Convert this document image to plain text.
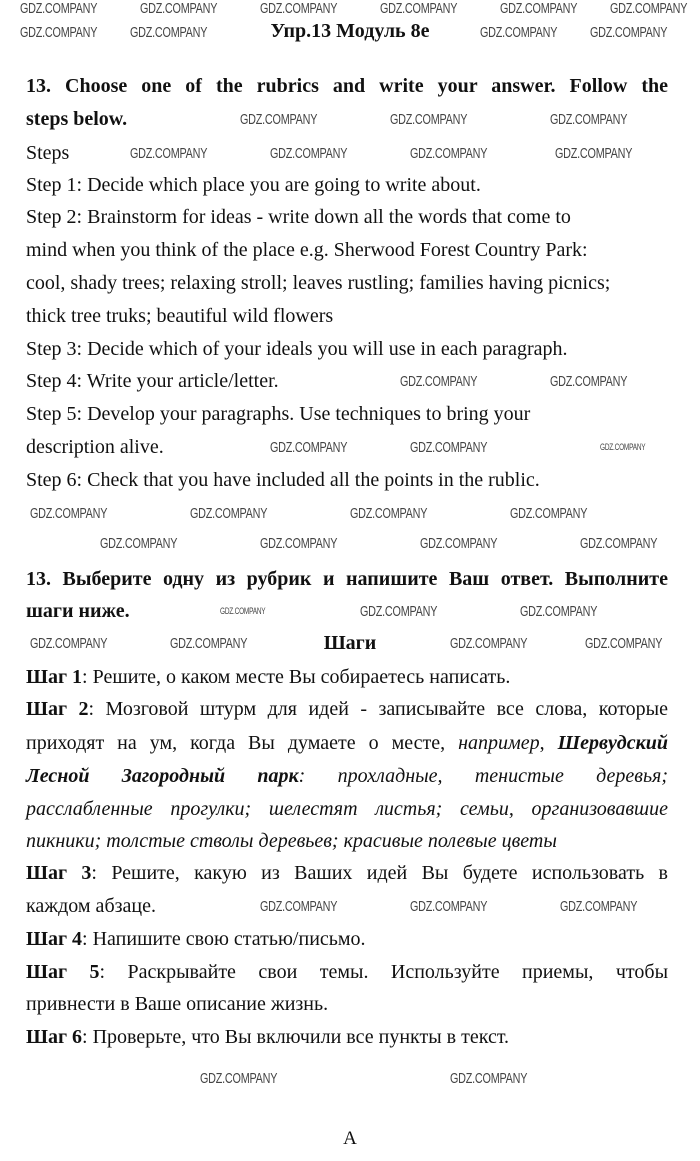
Упр.13 Модуль 8е
13. Choose one of the rubrics and write your answer. Follow the
steps below.
Steps
Step 1: Decide which place you are going to write about.
Step 2: Brainstorm for ideas - write down all the words that come to
mind when you think of the place e.g. Sherwood Forest Country Park:
cool, shady trees; relaxing stroll; leaves rustling; families having picnics;
thick tree truks; beautiful wild flowers
Step 3: Decide which of your ideals you will use in each paragraph.
Step 4: Write your article/letter.
Step 5: Develop your paragraphs. Use techniques to bring your
description alive.
Step 6: Check that you have included all the points in the rublic.
13. Выберите одну из рубрик и напишите Ваш ответ. Выполните
шаги ниже.
Шаги
Шаг 1: Решите, о каком месте Вы собираетесь написать.
Шаг 2: Мозговой штурм для идей - записывайте все слова, которые
приходят на ум, когда Вы думаете о месте, например, Шервудский
Лесной Загородный парк: прохладные, тенистые деревья;
расслабленные прогулки; шелестят листья; семьи, организовавшие
пикники; толстые стволы деревьев; красивые полевые цветы
Шаг 3: Решите, какую из Ваших идей Вы будете использовать в
каждом абзаце.
Шаг 4: Напишите свою статью/письмо.
Шаг 5: Раскрывайте свои темы. Используйте приемы, чтобы
привнести в Ваше описание жизнь.
Шаг 6: Проверьте, что Вы включили все пункты в текст.
A
GDZ.COMPANY	GDZ.COMPANY	GDZ.COMPANY	GDZ.COMPANY	GDZ.COMPANY GDZ.COMPANY
GDZ.COMPANY GDZ.COMPANY	GDZ.COMPANY GDZ.COMPANY
GDZ.COMPANY	GDZ.COMPANY	GDZ.COMPANY
GDZ.COMPANY	GDZ.COMPANY	GDZ.COMPANY	GDZ.COMPANY
GDZ.COMPANY	GDZ.COMPANY
GDZ.COMPANY	GDZ.COMPANY	GDZ.COMPANY
GDZ.COMPANY	GDZ.COMPANY	GDZ.COMPANY	GDZ.COMPANY
GDZ.COMPANY	GDZ.COMPANY	GDZ.COMPANY	GDZ.COMPANY
GDZ.COMPANY	GDZ.COMPANY	GDZ.COMPANY
GDZ.COMPANY	GDZ.COMPANY	GDZ.COMPANY	GDZ.COMPANY
GDZ.COMPANY	GDZ.COMPANY	GDZ.COMPANY
GDZ.COMPANY	GDZ.COMPANY
